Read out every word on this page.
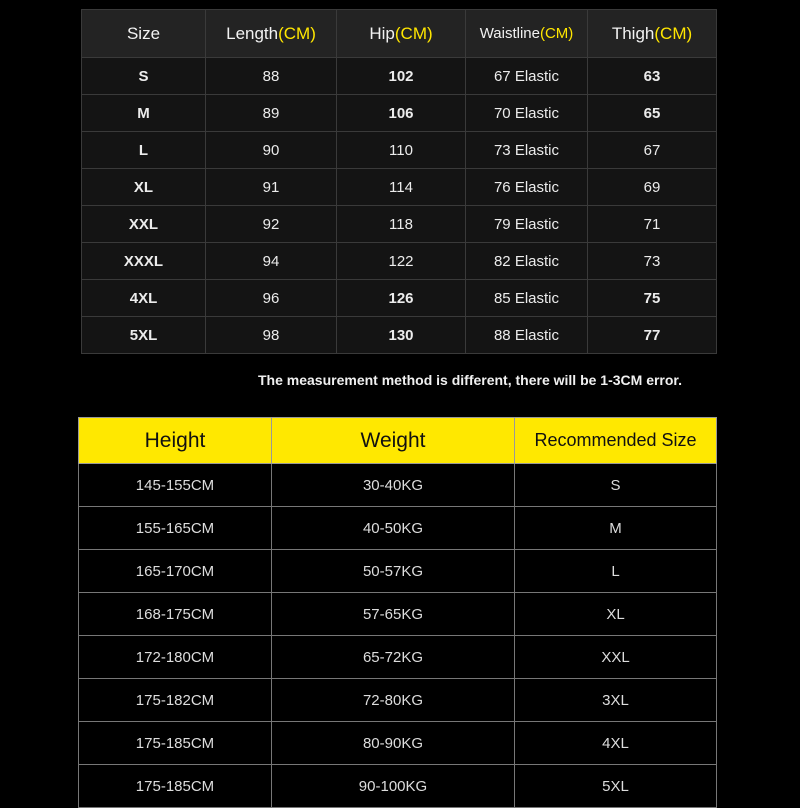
Size	Length(CM)	Hip(CM)	Waistline(CM)	Thigh(CM)
S	88	102	67 Elastic	63
M	89	106	70 Elastic	65
L	90	110	73 Elastic	67
XL	91	114	76 Elastic	69
XXL	92	118	79 Elastic	71
XXXL	94	122	82 Elastic	73
4XL	96	126	85 Elastic	75
5XL	98	130	88 Elastic	77
The measurement method is different, there will be 1-3CM error.
Height	Weight	Recommended Size
145-155CM	30-40KG	S
155-165CM	40-50KG	M
165-170CM	50-57KG	L
168-175CM	57-65KG	XL
172-180CM	65-72KG	XXL
175-182CM	72-80KG	3XL
175-185CM	80-90KG	4XL
175-185CM	90-100KG	5XL
